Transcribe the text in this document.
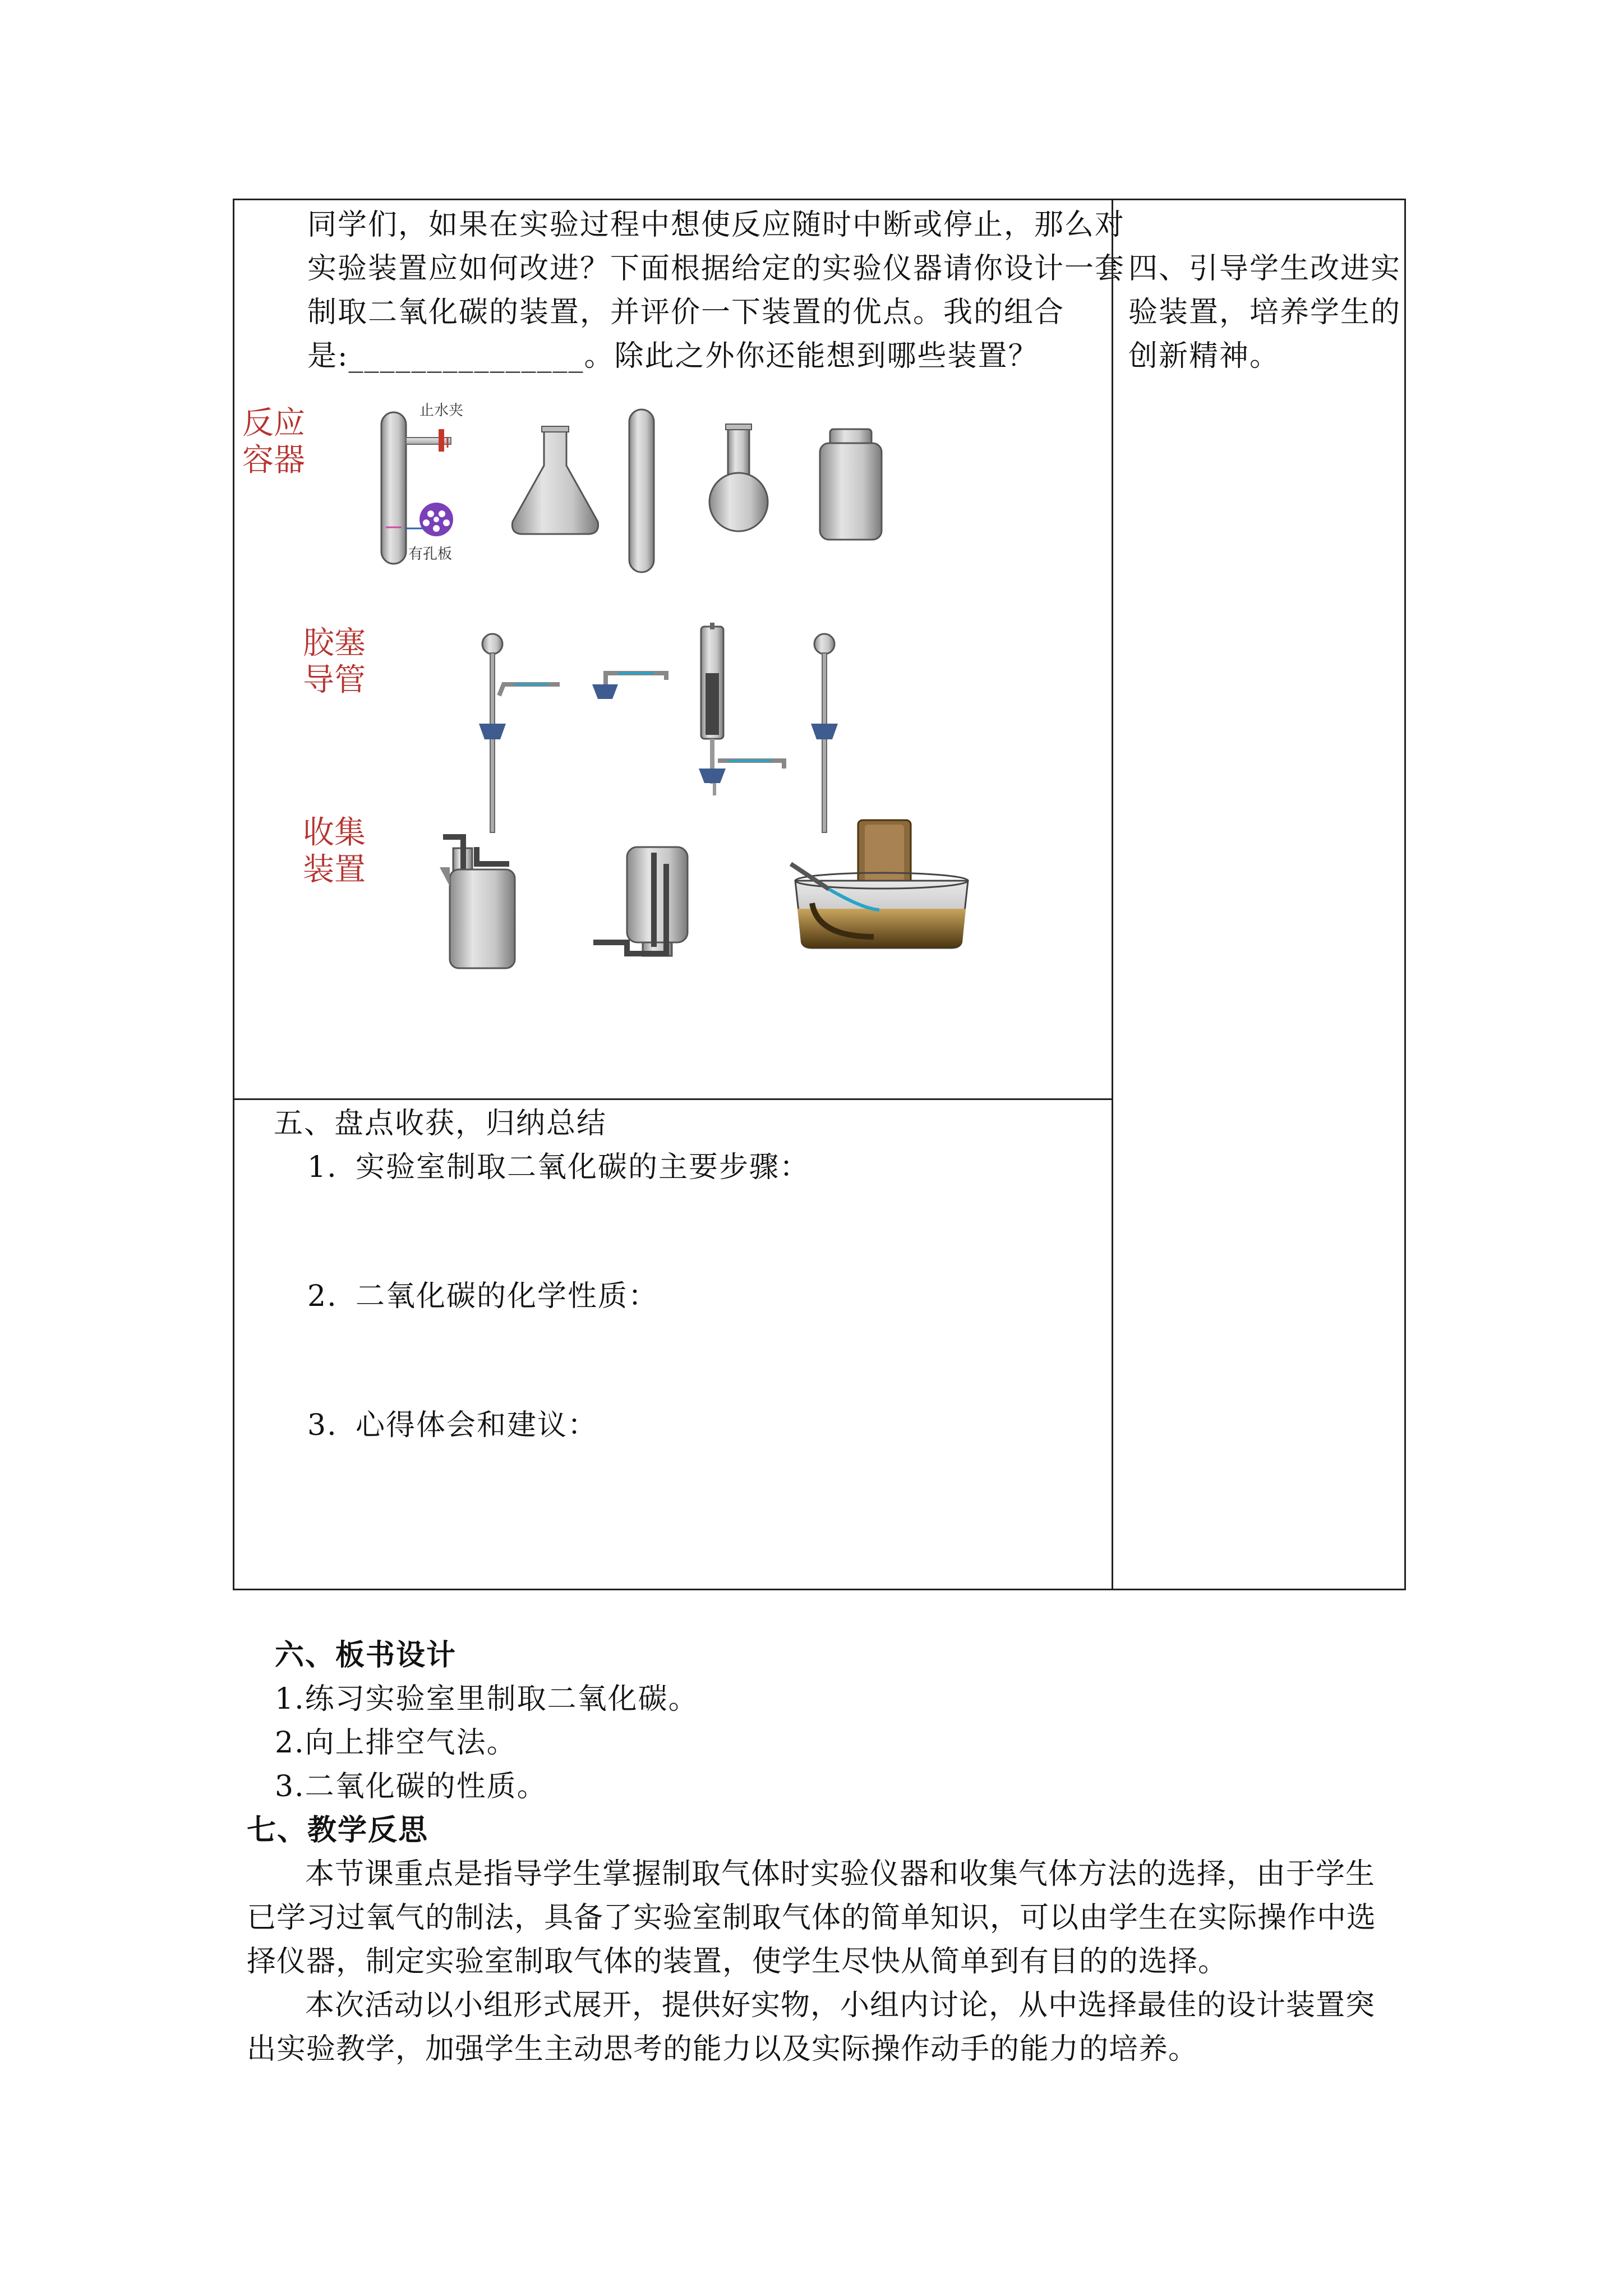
同学们，如果在实验过程中想使反应随时中断或停止，那么对
实验装置应如何改进？下面根据给定的实验仪器请你设计一套
制取二氧化碳的装置，并评价一下装置的优点。我的组合
是:_______________。除此之外你还能想到哪些装置？
四、引导学生改进实
验装置，培养学生的
创新精神。
反应
容器
胶塞
导管
收集
装置
止水夹
有孔板
五、盘点收获，归纳总结
1. 实验室制取二氧化碳的主要步骤：
2. 二氧化碳的化学性质：
3. 心得体会和建议：
六、板书设计
1.练习实验室里制取二氧化碳。
2.向上排空气法。
3.二氧化碳的性质。
七、教学反思
本节课重点是指导学生掌握制取气体时实验仪器和收集气体方法的选择，由于学生已学习过氧气的制法，具备了实验室制取气体的简单知识，可以由学生在实际操作中选择仪器，制定实验室制取气体的装置，使学生尽快从简单到有目的的选择。
本次活动以小组形式展开，提供好实物，小组内讨论，从中选择最佳的设计装置突出实验教学，加强学生主动思考的能力以及实际操作动手的能力的培养。
